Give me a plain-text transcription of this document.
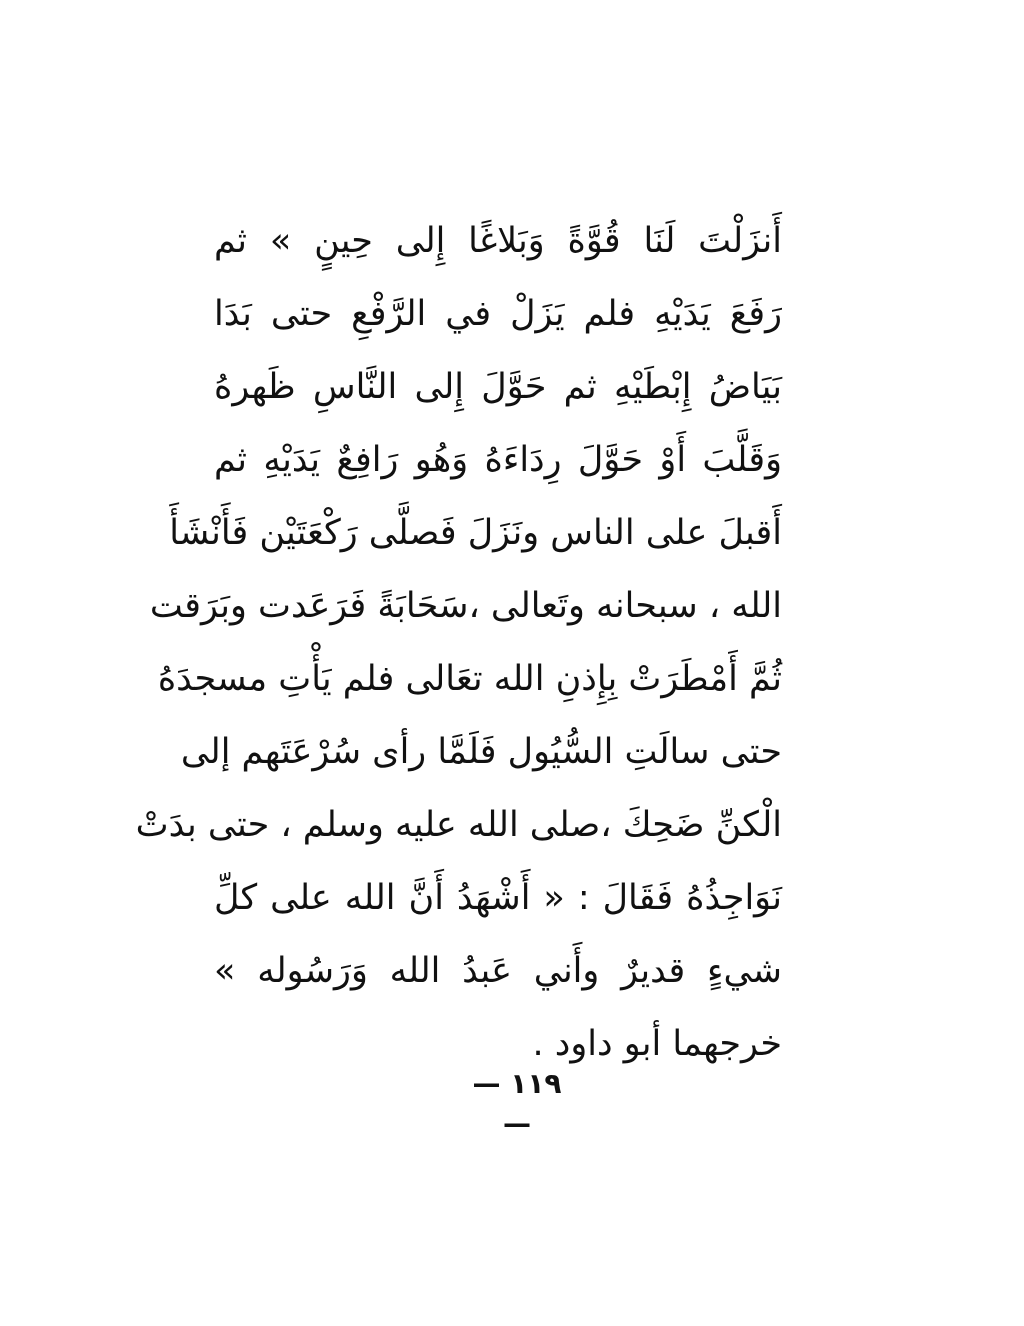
أَنزَلْتَ لَنَا قُوَّةً وَبَلاغًا إِلى حِينٍ » ثم
رَفَعَ يَدَيْهِ فلم يَزَلْ في الرَّفْعِ حتى بَدَا
بَيَاضُ إِبْطَيْهِ ثم حَوَّلَ إِلى النَّاسِ ظَهرهُ
وَقَلَّبَ أَوْ حَوَّلَ رِدَاءَهُ وَهُو رَافِعٌ يَدَيْهِ ثم
أَقبلَ على الناس ونَزَلَ فَصلَّى رَكْعَتَيْن فَأَنْشَأَ
الله ، سبحانه وتَعالى ،سَحَابَةً فَرَعَدت وبَرَقت
ثُمَّ أَمْطَرَتْ بِإِذنِ الله تعَالى فلم يَأْتِ مسجدَهُ
حتى سالَتِ السُّيُول فَلَمَّا رأى سُرْعَتَهم إلى
الْكنِّ ضَحِكَ ،صلى الله عليه وسلم ، حتى بدَتْ
نَوَاجِذُهُ فَقَالَ : « أَشْهَدُ أَنَّ الله على كلِّ
شيءٍ قديرٌ وأَني عَبدُ الله وَرَسُوله »
خرجهما أبو داود .
— ١١٩ —
